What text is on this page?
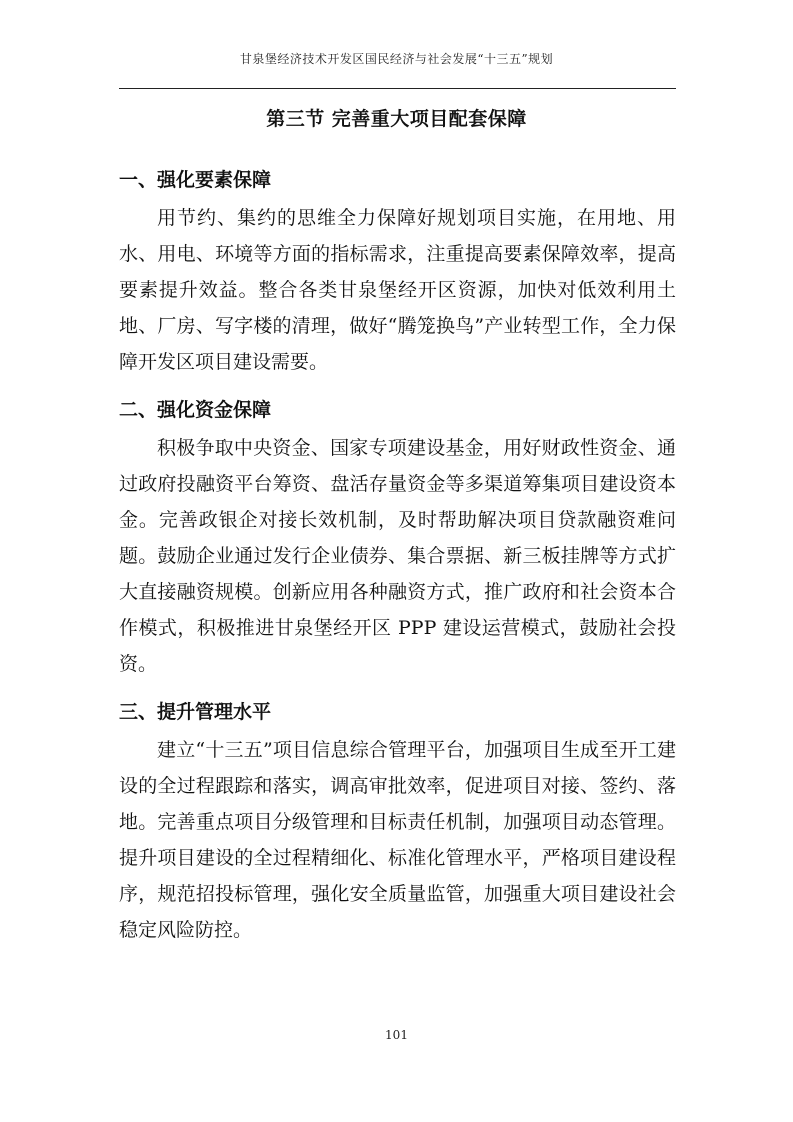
甘泉堡经济技术开发区国民经济与社会发展“十三五”规划
第三节 完善重大项目配套保障
一、强化要素保障

用节约、集约的思维全力保障好规划项目实施，在用地、用水、用电、环境等方面的指标需求，注重提高要素保障效率，提高要素提升效益。整合各类甘泉堡经开区资源，加快对低效利用土地、厂房、写字楼的清理，做好“腾笼换鸟”产业转型工作，全力保障开发区项目建设需要。

二、强化资金保障

积极争取中央资金、国家专项建设基金，用好财政性资金、通过政府投融资平台筹资、盘活存量资金等多渠道筹集项目建设资本金。完善政银企对接长效机制，及时帮助解决项目贷款融资难问题。鼓励企业通过发行企业债券、集合票据、新三板挂牌等方式扩大直接融资规模。创新应用各种融资方式，推广政府和社会资本合作模式，积极推进甘泉堡经开区 PPP 建设运营模式，鼓励社会投资。

三、提升管理水平

建立“十三五”项目信息综合管理平台，加强项目生成至开工建设的全过程跟踪和落实，调高审批效率，促进项目对接、签约、落地。完善重点项目分级管理和目标责任机制，加强项目动态管理。提升项目建设的全过程精细化、标准化管理水平，严格项目建设程序，规范招投标管理，强化安全质量监管，加强重大项目建设社会稳定风险防控。

101
